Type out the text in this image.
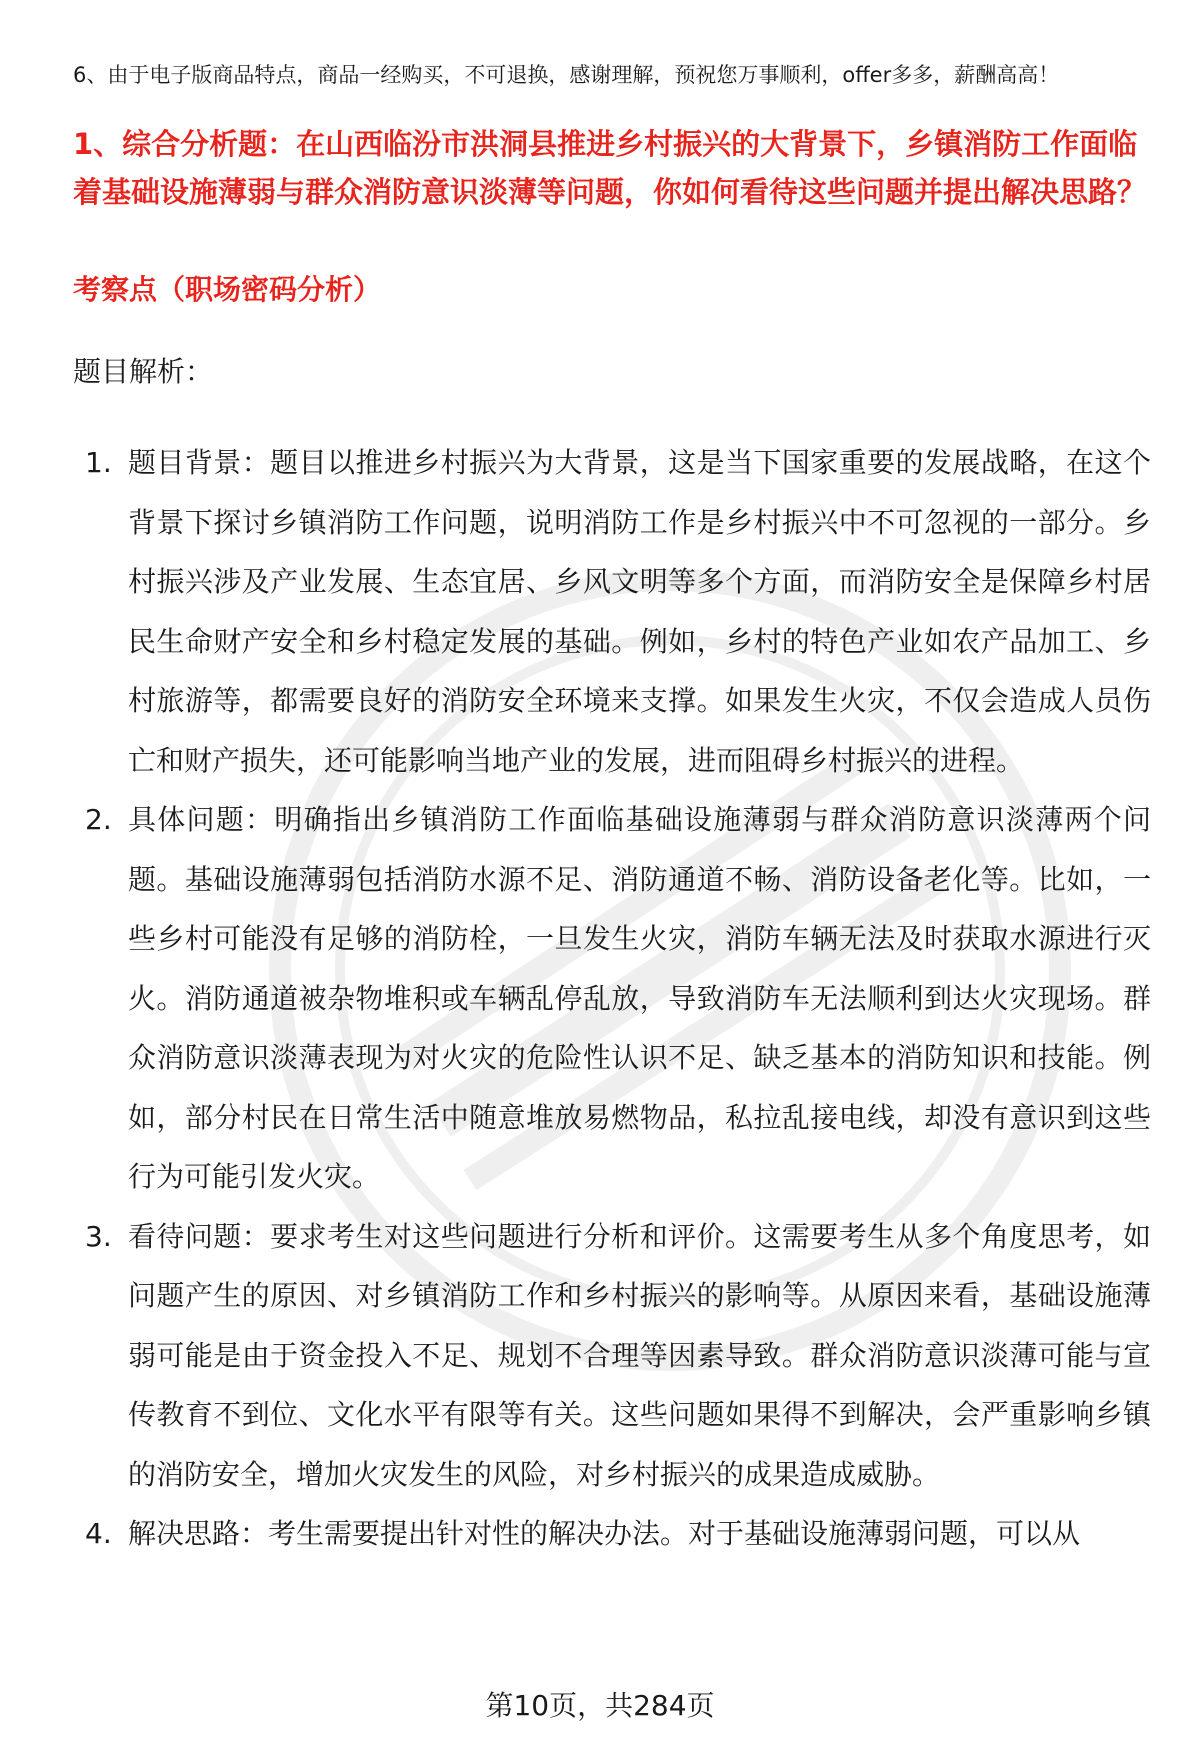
6、由于电子版商品特点，商品一经购买，不可退换，感谢理解，预祝您万事顺利，offer多多，薪酬高高！
1、综合分析题：在山西临汾市洪洞县推进乡村振兴的大背景下，乡镇消防工作面临着基础设施薄弱与群众消防意识淡薄等问题，你如何看待这些问题并提出解决思路？
考察点（职场密码分析）
题目解析：
1. 题目背景：题目以推进乡村振兴为大背景，这是当下国家重要的发展战略，在这个背景下探讨乡镇消防工作问题，说明消防工作是乡村振兴中不可忽视的一部分。乡村振兴涉及产业发展、生态宜居、乡风文明等多个方面，而消防安全是保障乡村居民生命财产安全和乡村稳定发展的基础。例如，乡村的特色产业如农产品加工、乡村旅游等，都需要良好的消防安全环境来支撑。如果发生火灾，不仅会造成人员伤亡和财产损失，还可能影响当地产业的发展，进而阻碍乡村振兴的进程。
2. 具体问题：明确指出乡镇消防工作面临基础设施薄弱与群众消防意识淡薄两个问题。基础设施薄弱包括消防水源不足、消防通道不畅、消防设备老化等。比如，一些乡村可能没有足够的消防栓，一旦发生火灾，消防车辆无法及时获取水源进行灭火。消防通道被杂物堆积或车辆乱停乱放，导致消防车无法顺利到达火灾现场。群众消防意识淡薄表现为对火灾的危险性认识不足、缺乏基本的消防知识和技能。例如，部分村民在日常生活中随意堆放易燃物品，私拉乱接电线，却没有意识到这些行为可能引发火灾。
3. 看待问题：要求考生对这些问题进行分析和评价。这需要考生从多个角度思考，如问题产生的原因、对乡镇消防工作和乡村振兴的影响等。从原因来看，基础设施薄弱可能是由于资金投入不足、规划不合理等因素导致。群众消防意识淡薄可能与宣传教育不到位、文化水平有限等有关。这些问题如果得不到解决，会严重影响乡镇的消防安全，增加火灾发生的风险，对乡村振兴的成果造成威胁。
4. 解决思路：考生需要提出针对性的解决办法。对于基础设施薄弱问题，可以从
第10页，共284页
